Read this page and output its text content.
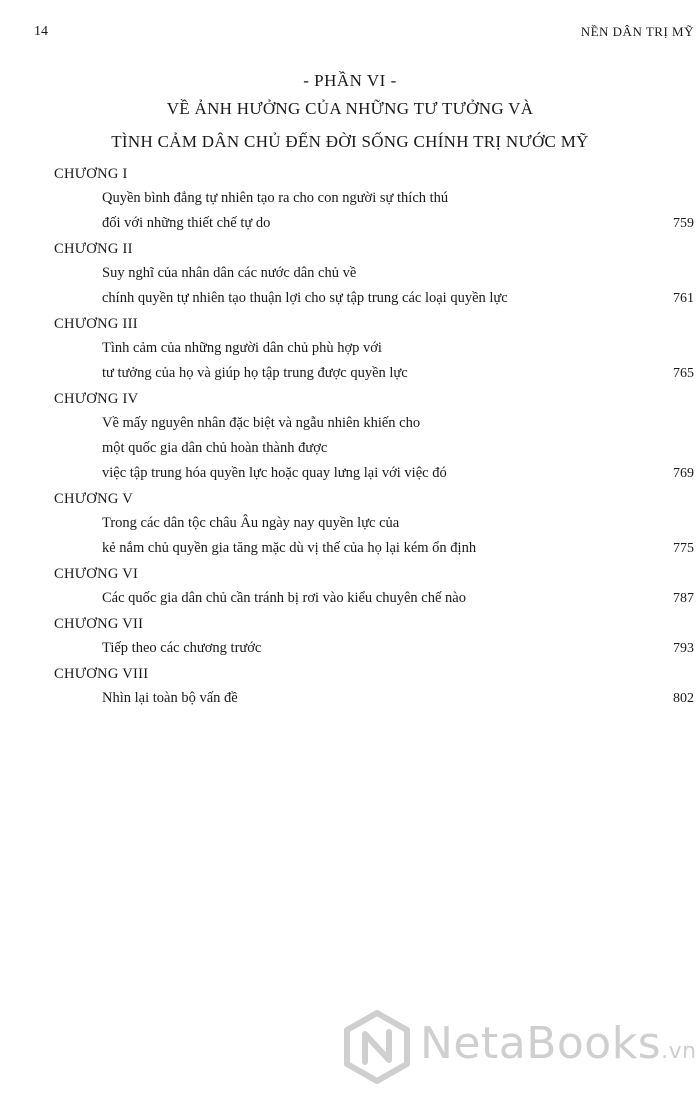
14	NỀN DÂN TRỊ MỸ
- PHẦN VI -
VỀ ẢNH HƯỞNG CỦA NHỮNG TƯ TƯỞNG VÀ
TÌNH CẢM DÂN CHỦ ĐẾN ĐỜI SỐNG CHÍNH TRỊ NƯỚC MỸ
CHƯƠNG I
Quyền bình đẳng tự nhiên tạo ra cho con người sự thích thú
đối với những thiết chế tự do	759
CHƯƠNG II
Suy nghĩ của nhân dân các nước dân chủ về
chính quyền tự nhiên tạo thuận lợi cho sự tập trung các loại quyền lực	761
CHƯƠNG III
Tình cảm của những người dân chủ phù hợp với
tư tưởng của họ và giúp họ tập trung được quyền lực	765
CHƯƠNG IV
Về mấy nguyên nhân đặc biệt và ngẫu nhiên khiến cho
một quốc gia dân chủ hoàn thành được
việc tập trung hóa quyền lực hoặc quay lưng lại với việc đó	769
CHƯƠNG V
Trong các dân tộc châu Âu ngày nay quyền lực của
kẻ nắm chủ quyền gia tăng mặc dù vị thế của họ lại kém ổn định	775
CHƯƠNG VI
Các quốc gia dân chủ cần tránh bị rơi vào kiểu chuyên chế nào	787
CHƯƠNG VII
Tiếp theo các chương trước	793
CHƯƠNG VIII
Nhìn lại toàn bộ vấn đề	802
NetaBooks.vn
